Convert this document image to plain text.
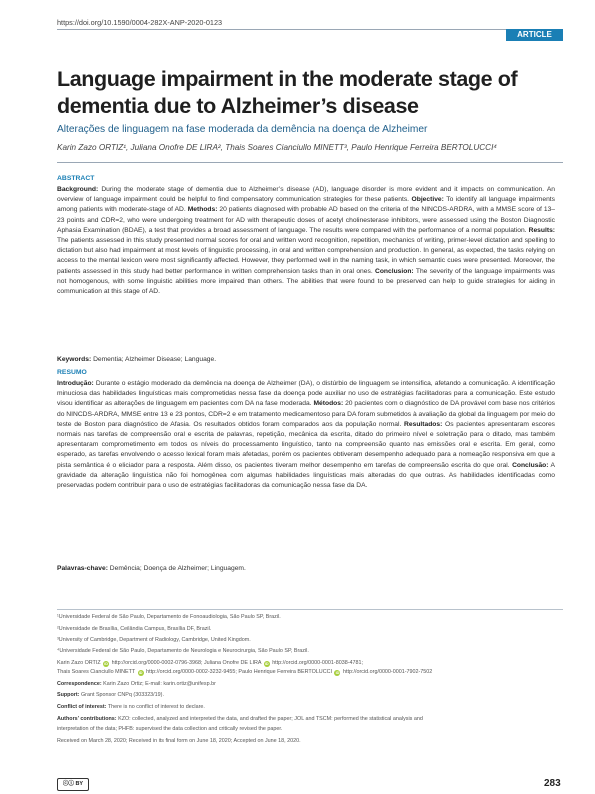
https://doi.org/10.1590/0004-282X-ANP-2020-0123
ARTICLE
Language impairment in the moderate stage of dementia due to Alzheimer’s disease

Alterações de linguagem na fase moderada da demência na doença de Alzheimer

Karin Zazo ORTIZ¹, Juliana Onofre DE LIRA², Thais Soares Cianciullo MINETT³, Paulo Henrique Ferreira BERTOLUCCI⁴

ABSTRACT

Background: During the moderate stage of dementia due to Alzheimer’s disease (AD), language disorder is more evident and it impacts on communication. An overview of language impairment could be helpful to find compensatory communication strategies for these patients. Objective: To identify all language impairments among patients with moderate-stage of AD. Methods: 20 patients diagnosed with probable AD based on the criteria of the NINCDS-ARDRA, with a MMSE score of 13–23 points and CDR=2, who were undergoing treatment for AD with therapeutic doses of acetyl cholinesterase inhibitors, were assessed using the Boston Diagnostic Aphasia Examination (BDAE), a test that provides a broad assessment of language. The results were compared with the performance of a normal population. Results: The patients assessed in this study presented normal scores for oral and written word recognition, repetition, mechanics of writing, primer-level dictation and spelling to dictation but also had impairment at most levels of linguistic processing, in oral and written comprehension and production. In general, as expected, the tasks relying on access to the mental lexicon were most significantly affected. However, they performed well in the naming task, in which semantic cues were presented. Moreover, the patients assessed in this study had better performance in written comprehension tasks than in oral ones. Conclusion: The severity of the language impairments was not homogenous, with some linguistic abilities more impaired than others. The abilities that were found to be preserved can help to guide strategies for aiding in communication at this stage of AD.

Keywords: Dementia; Alzheimer Disease; Language.

RESUMO

Introdução: Durante o estágio moderado da demência na doença de Alzheimer (DA), o distúrbio de linguagem se intensifica, afetando a comunicação. A identificação minuciosa das habilidades linguísticas mais comprometidas nessa fase da doença pode auxiliar no uso de estratégias facilitadoras para a comunicação. Este estudo visou identificar as alterações de linguagem em pacientes com DA na fase moderada. Métodos: 20 pacientes com o diagnóstico de DA provável com base nos critérios do NINCDS-ARDRA, MMSE entre 13 e 23 pontos, CDR=2 e em tratamento medicamentoso para DA foram submetidos à avaliação da global da linguagem por meio do teste de Boston para diagnóstico de Afasia. Os resultados obtidos foram comparados aos da população normal. Resultados: Os pacientes apresentaram escores normais nas tarefas de compreensão oral e escrita de palavras, repetição, mecânica da escrita, ditado do primeiro nível e soletração para o ditado, mas também apresentaram comprometimento em todos os níveis do processamento linguístico, tanto na compreensão quanto nas emissões oral e escrita. Em geral, como esperado, as tarefas envolvendo o acesso lexical foram mais afetadas, porém os pacientes obtiveram desempenho adequado para a nomeação responsiva em que a pista semântica é o eliciador para a resposta. Além disso, os pacientes tiveram melhor desempenho em tarefas de compreensão escrita do que oral. Conclusão: A gravidade da alteração linguística não foi homogênea com algumas habilidades linguísticas mais alteradas do que outras. As habilidades identificadas como preservadas podem contribuir para o uso de estratégias facilitadoras da comunicação nessa fase da DA.

Palavras-chave: Demência; Doença de Alzheimer; Linguagem.

¹Universidade Federal de São Paulo, Departamento de Fonoaudiologia, São Paulo SP, Brazil.

²Universidade de Brasília, Ceilândia Campus, Brasília DF, Brazil.

³University of Cambridge, Department of Radiology, Cambridge, United Kingdom.

⁴Universidade Federal de São Paulo, Departamento de Neurologia e Neurocirurgia, São Paulo SP, Brazil.

Karin Zazo ORTIZ iD http://orcid.org/0000-0002-0796-3968; Juliana Onofre DE LIRA iD http://orcid.org/0000-0001-8038-4781;

Thais Soares Cianciullo MINETT iD http://orcid.org/0000-0002-3232-9455; Paulo Henrique Ferreira BERTOLUCCI iD http://orcid.org/0000-0001-7902-7502

Correspondence: Karin Zazo Ortiz; E-mail: karin.ortiz@unifesp.br

Support: Grant Sponsor CNPq (303323/19).

Conflict of interest: There is no conflict of interest to declare.

Authors’ contributions: KZO: collected, analyzed and interpreted the data, and drafted the paper; JOL and TSCM: performed the statistical analysis and

interpretation of the data; PHFB: supervised the data collection and critically revised the paper.

Received on March 28, 2020; Received in its final form on June 18, 2020; Accepted on June 18, 2020.

ⓒⓘ BY	283
